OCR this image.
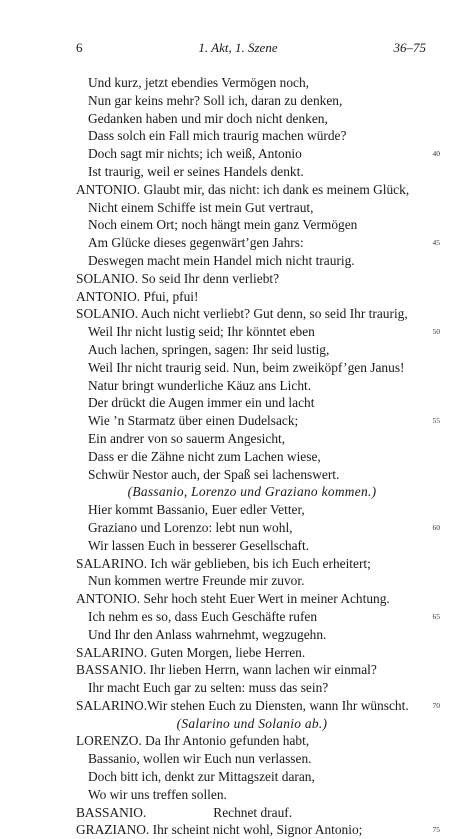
6	1. Akt, 1. Szene	36–75
Und kurz, jetzt ebendies Vermögen noch,
Nun gar keins mehr? Soll ich, daran zu denken,
Gedanken haben und mir doch nicht denken,
Dass solch ein Fall mich traurig machen würde?
Doch sagt mir nichts; ich weiß, Antonio	40
Ist traurig, weil er seines Handels denkt.
ANTONIO. Glaubt mir, das nicht: ich dank es meinem Glück,
Nicht einem Schiffe ist mein Gut vertraut,
Noch einem Ort; noch hängt mein ganz Vermögen
Am Glücke dieses gegenwärt’gen Jahrs:	45
Deswegen macht mein Handel mich nicht traurig.
SOLANIO. So seid Ihr denn verliebt?
ANTONIO. Pfui, pfui!
SOLANIO. Auch nicht verliebt? Gut denn, so seid Ihr traurig,
Weil Ihr nicht lustig seid; Ihr könntet eben	50
Auch lachen, springen, sagen: Ihr seid lustig,
Weil Ihr nicht traurig seid. Nun, beim zweiköpf’gen Janus!
Natur bringt wunderliche Käuz ans Licht.
Der drückt die Augen immer ein und lacht
Wie ’n Starmatz über einen Dudelsack;	55
Ein andrer von so sauerm Angesicht,
Dass er die Zähne nicht zum Lachen wiese,
Schwür Nestor auch, der Spaß sei lachenswert.
(Bassanio, Lorenzo und Graziano kommen.)
Hier kommt Bassanio, Euer edler Vetter,
Graziano und Lorenzo: lebt nun wohl,	60
Wir lassen Euch in besserer Gesellschaft.
SALARINO. Ich wär geblieben, bis ich Euch erheitert;
Nun kommen wertre Freunde mir zuvor.
ANTONIO. Sehr hoch steht Euer Wert in meiner Achtung.
Ich nehm es so, dass Euch Geschäfte rufen	65
Und Ihr den Anlass wahrnehmt, wegzugehn.
SALARINO. Guten Morgen, liebe Herren.
BASSANIO. Ihr lieben Herrn, wann lachen wir einmal?
Ihr macht Euch gar zu selten: muss das sein?
SALARINO.Wir stehen Euch zu Diensten, wann Ihr wünscht.	70
(Salarino und Solanio ab.)
LORENZO. Da Ihr Antonio gefunden habt,
Bassanio, wollen wir Euch nun verlassen.
Doch bitt ich, denkt zur Mittagszeit daran,
Wo wir uns treffen sollen.
BASSANIO.                    Rechnet drauf.
GRAZIANO. Ihr scheint nicht wohl, Signor Antonio;	75
